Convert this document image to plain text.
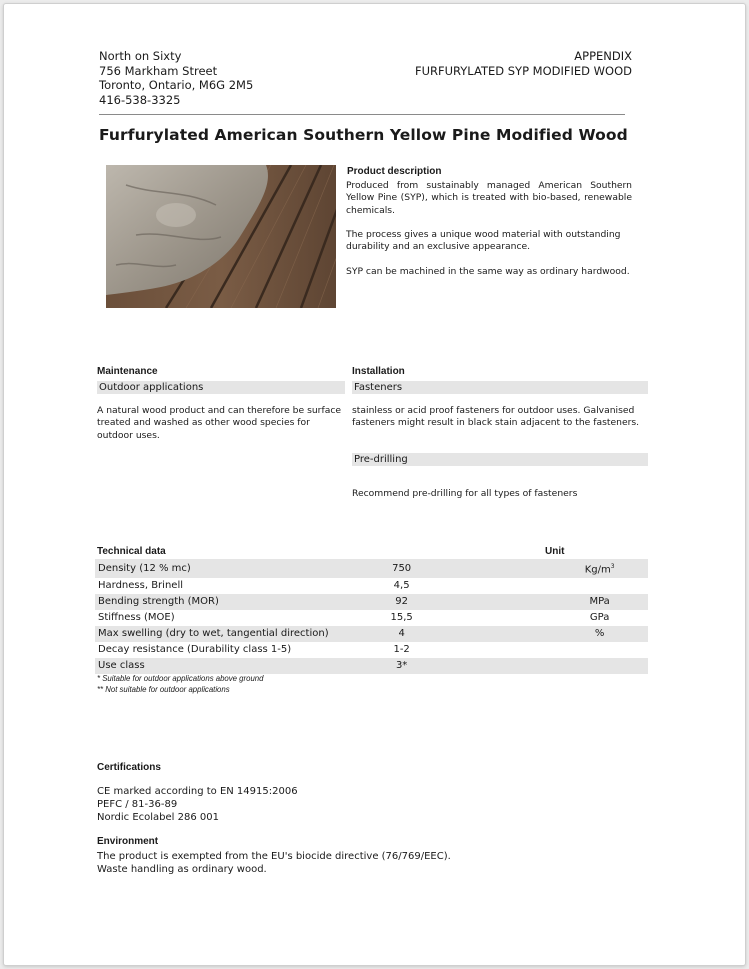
North on Sixty
756 Markham Street
Toronto, Ontario, M6G 2M5
416-538-3325
APPENDIX
FURFURYLATED SYP MODIFIED WOOD
Furfurylated American Southern Yellow Pine Modified Wood
Product description
Produced from sustainably managed American Southern Yellow Pine (SYP), which is treated with bio-based, renewable chemicals.
The process gives a unique wood material with outstanding durability and an exclusive appearance.
SYP can be machined in the same way as ordinary hardwood.
Maintenance	Installation
Outdoor applications	Fasteners
A natural wood product and can therefore be surface treated and washed as other wood species for outdoor uses.
stainless or acid proof fasteners for outdoor uses. Galvanised fasteners might result in black stain adjacent to the fasteners.
Pre-drilling
Recommend pre-drilling for all types of fasteners
Technical data	Unit
Density (12 % mc)	750		$Kg/m^3$	
Hardness, Brinell	4,5			
Bending strength (MOR)	92		MPa	
Stiffness (MOE)	15,5		GPa	
Max swelling (dry to wet, tangential direction)	4		%	
Decay resistance (Durability class 1-5)	1-2			
Use class	3*			
* Suitable for outdoor applications above ground
** Not suitable for outdoor applications
Certifications
CE marked according to EN 14915:2006
PEFC / 81-36-89
Nordic Ecolabel 286 001
Environment
The product is exempted from the EU's biocide directive (76/769/EEC).
Waste handling as ordinary wood.
